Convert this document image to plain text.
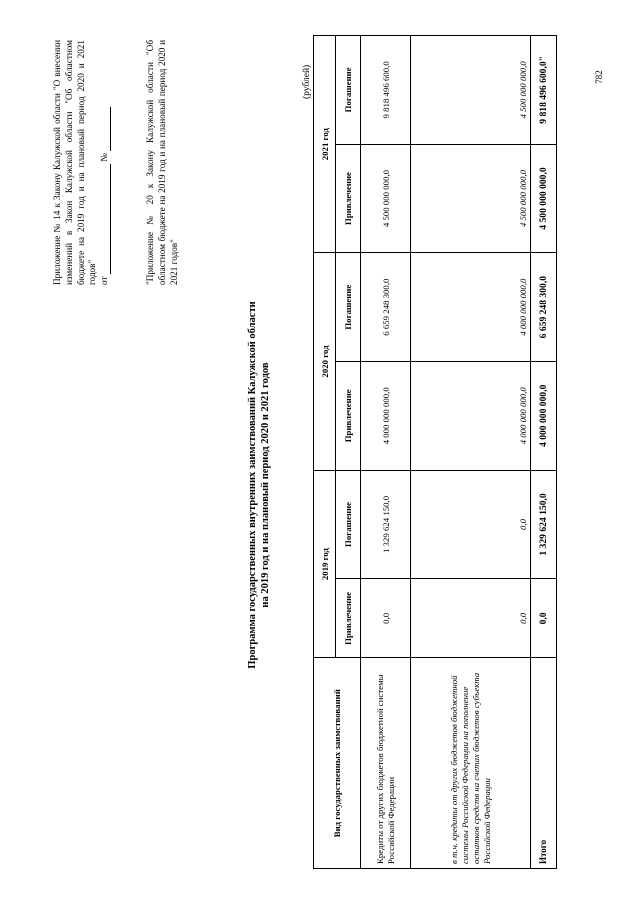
782

Приложение № 14 к Закону Калужской области "О внесении изменений в Закон Калужской области "Об областном бюджете на 2019 год и на плановый период 2020 и 2021 годов" от  №	"Приложение № 20 к Закону Калужской области "Об областном бюджете на 2019 год и на плановый период 2020 и 2021 годов"

Программа государственных внутренних заимствований Калужской области на 2019 год и на плановый период 2020 и 2021 годов
(рублей)
Вид государственных заимствований	2019 год		2020 год		2021 год	
	Привлечение	Погашение	Привлечение	Погашение	Привлечение	Погашение
Кредиты от других бюджетов бюджетной системы Российской Федерации	0,0	1 329 624 150,0	4 000 000 000,0	6 659 248 300,0	4 500 000 000,0	9 818 496 600,0
в т.ч. кредиты от других бюджетов бюджетной системы Российской Федерации на пополнение остатков средств на счетах бюджетов субъекта Российской Федерации	0,0	0,0	4 000 000 000,0	4 000 000 000,0	4 500 000 000,0	4 500 000 000,0
Итого	0,0	1 329 624 150,0	4 000 000 000,0	6 659 248 300,0	4 500 000 000,0	9 818 496 600,0"
